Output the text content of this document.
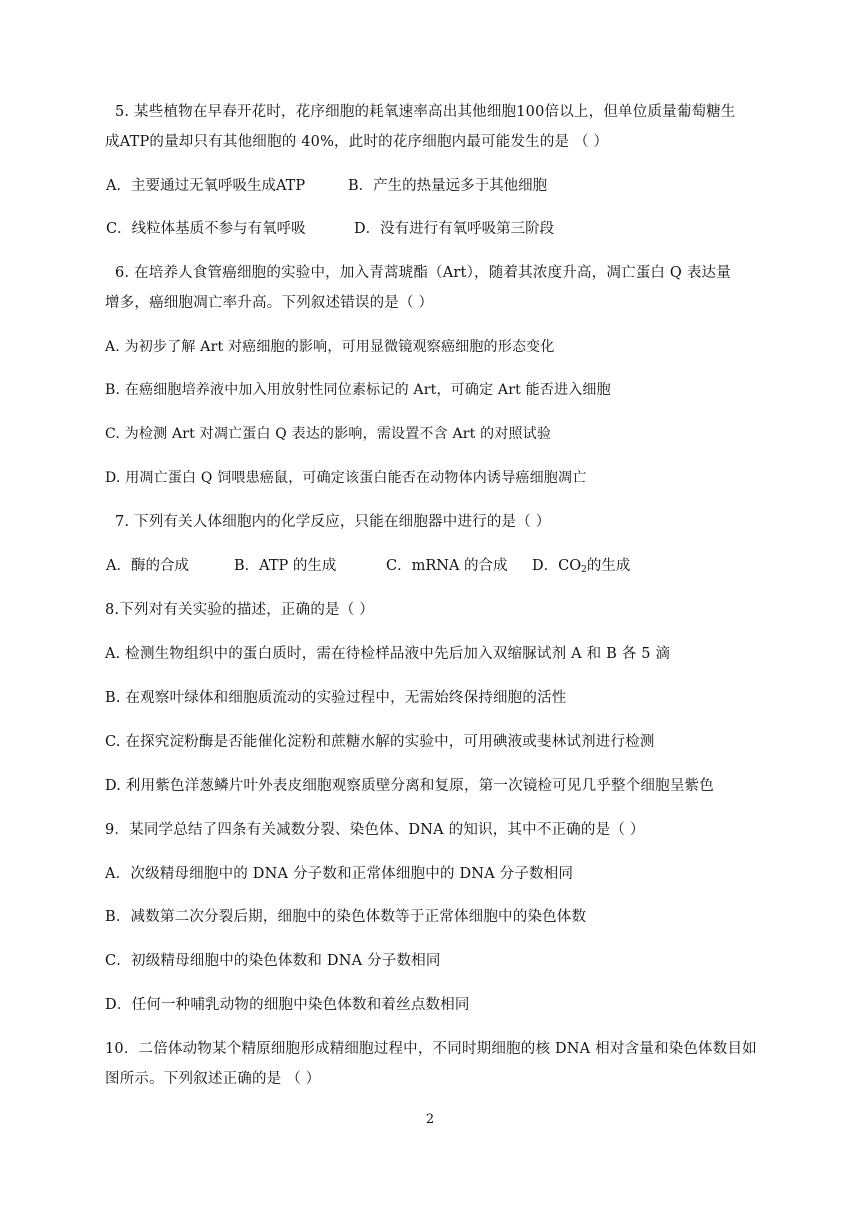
5. 某些植物在早春开花时，花序细胞的耗氧速率高出其他细胞100倍以上，但单位质量葡萄糖生
成ATP的量却只有其他细胞的 40%，此时的花序细胞内最可能发生的是 （ ）
A．主要通过无氧呼吸生成ATP	B．产生的热量远多于其他细胞
C．线粒体基质不参与有氧呼吸	D．没有进行有氧呼吸第三阶段
6. 在培养人食管癌细胞的实验中，加入青蒿琥酯（Art），随着其浓度升高，凋亡蛋白 Q 表达量
增多，癌细胞凋亡率升高。下列叙述错误的是（ ）
A. 为初步了解 Art 对癌细胞的影响，可用显微镜观察癌细胞的形态变化
B. 在癌细胞培养液中加入用放射性同位素标记的 Art，可确定 Art 能否进入细胞
C. 为检测 Art 对凋亡蛋白 Q 表达的影响，需设置不含 Art 的对照试验
D. 用凋亡蛋白 Q 饲喂患癌鼠，可确定该蛋白能否在动物体内诱导癌细胞凋亡
7. 下列有关人体细胞内的化学反应，只能在细胞器中进行的是（ ）
A．酶的合成	B．ATP 的生成	C．mRNA 的合成 D．$CO_2$的生成
8.下列对有关实验的描述，正确的是（ ）
A. 检测生物组织中的蛋白质时，需在待检样品液中先后加入双缩脲试剂 A 和 B 各 5 滴
B. 在观察叶绿体和细胞质流动的实验过程中，无需始终保持细胞的活性
C. 在探究淀粉酶是否能催化淀粉和蔗糖水解的实验中，可用碘液或斐林试剂进行检测
D. 利用紫色洋葱鳞片叶外表皮细胞观察质壁分离和复原，第一次镜检可见几乎整个细胞呈紫色
9．某同学总结了四条有关减数分裂、染色体、DNA 的知识，其中不正确的是（ ）
A．次级精母细胞中的 DNA 分子数和正常体细胞中的 DNA 分子数相同
B．减数第二次分裂后期，细胞中的染色体数等于正常体细胞中的染色体数
C．初级精母细胞中的染色体数和 DNA 分子数相同
D．任何一种哺乳动物的细胞中染色体数和着丝点数相同
10．二倍体动物某个精原细胞形成精细胞过程中，不同时期细胞的核 DNA 相对含量和染色体数目如
图所示。下列叙述正确的是 （ ）
2
